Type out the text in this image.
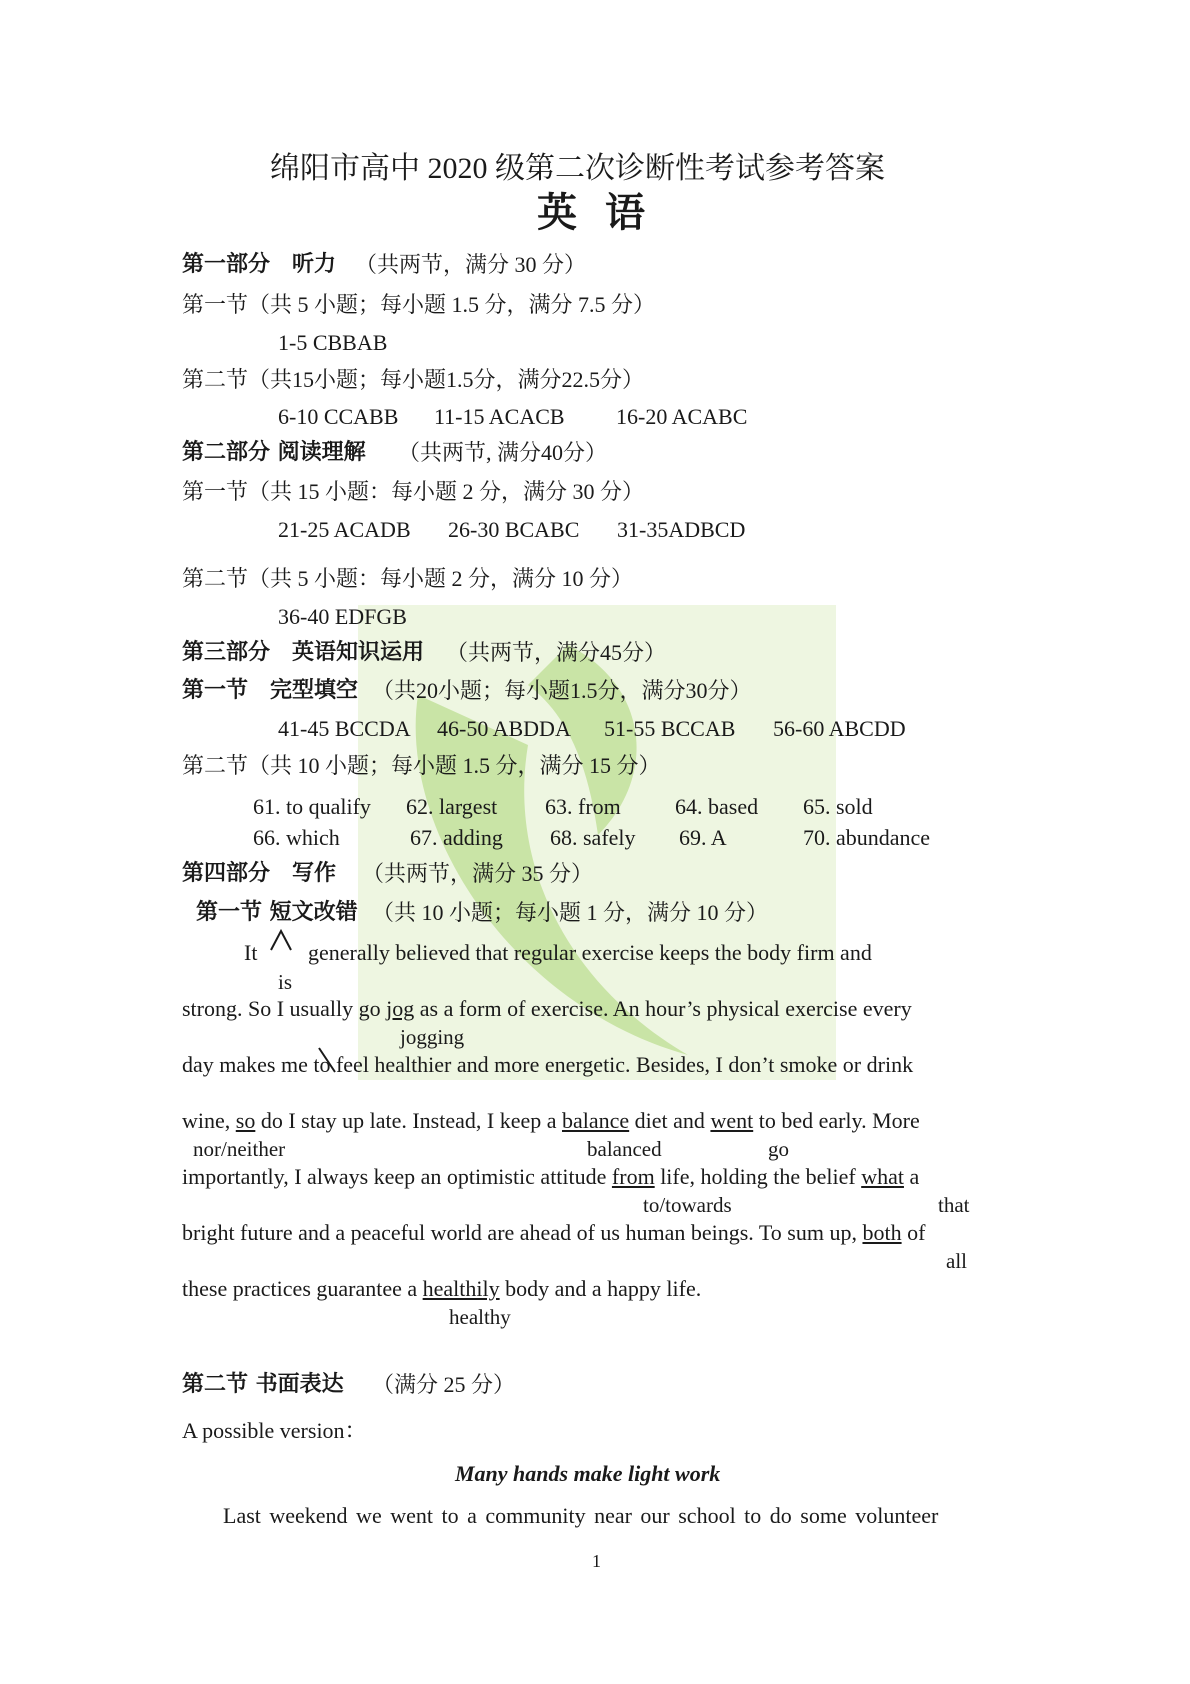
绵阳市高中 2020 级第二次诊断性考试参考答案
英语
第一部分　听力 （共两节，满分 30 分）
第一节（共 5 小题；每小题 1.5 分，满分 7.5 分）
1-5 CBBAB
第二节（共15小题；每小题1.5分，满分22.5分）
6-10 CCABB 11-15 ACACB 16-20 ACABC
第二部分 阅读理解 （共两节, 满分40分）
第一节（共 15 小题：每小题 2 分，满分 30 分）
21-25 ACADB 26-30 BCABC 31-35ADBCD
第二节（共 5 小题：每小题 2 分，满分 10 分）
36-40 EDFGB
第三部分　英语知识运用 （共两节，满分45分）
第一节　完型填空 （共20小题；每小题1.5分，满分30分）
41-45 BCCDA 46-50 ABDDA 51-55 BCCAB 56-60 ABCDD
第二节（共 10 小题；每小题 1.5 分，满分 15 分）
61. to qualify 62. largest 63. from 64. based 65. sold
66. which	67. adding 68. safely 69. A	70. abundance
第四部分　写作 （共两节，满分 35 分）
第一节 短文改错 （共 10 小题；每小题 1 分，满分 10 分）
It generally believed that regular exercise keeps the body firm and
is
strong. So I usually go jog as a form of exercise. An hour’s physical exercise every
jogging
day makes me to feel healthier and more energetic. Besides, I don’t smoke or drink
wine, so do I stay up late. Instead, I keep a balance diet and went to bed early. More
nor/neither	balanced	go
importantly, I always keep an optimistic attitude from life, holding the belief what a
to/towards	that
bright future and a peaceful world are ahead of us human beings. To sum up, both of
all
these practices guarantee a healthily body and a happy life.
healthy
第二节 书面表达 （满分 25 分）
A possible version：
Many hands make light work
Last weekend we went to a community near our school to do some volunteer
1
